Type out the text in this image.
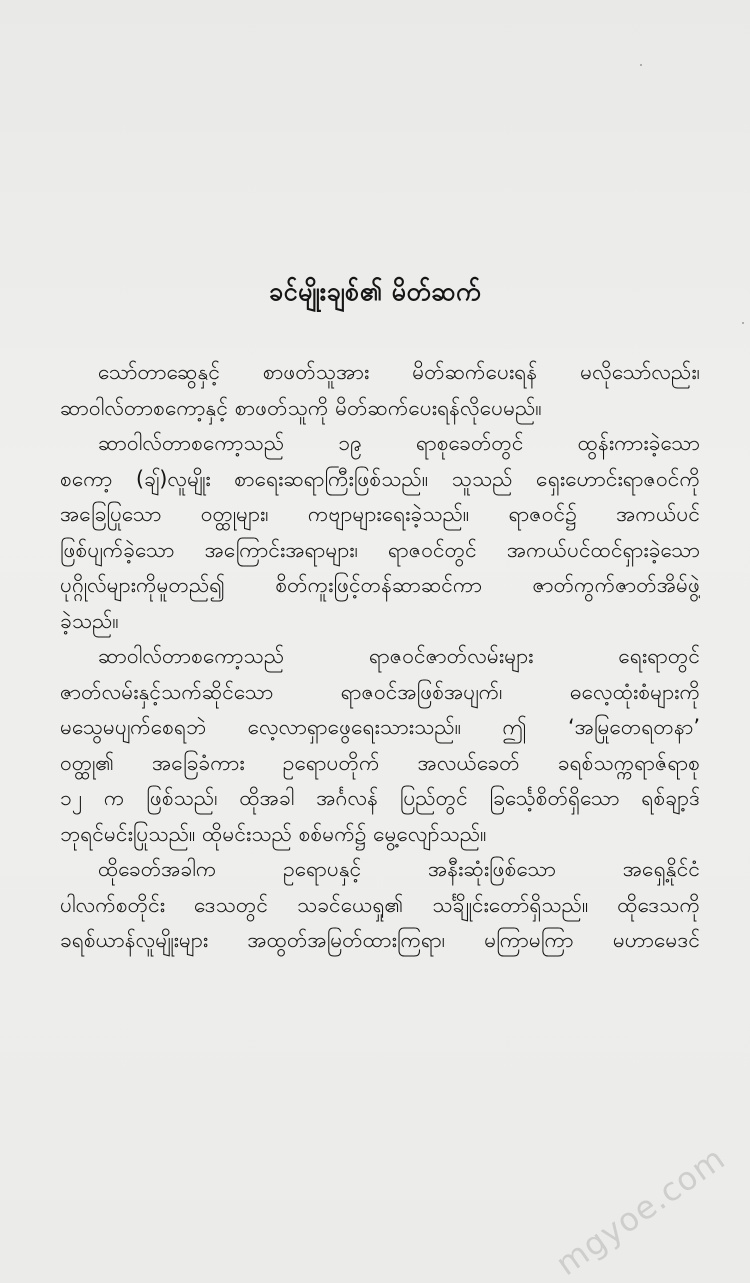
ခင်မျိုးချစ်၏ မိတ်ဆက်
သော်တာဆွေနှင့် စာဖတ်သူအား မိတ်ဆက်ပေးရန် မလိုသော်လည်း၊
ဆာဝါလ်တာစကော့နှင့် စာဖတ်သူကို မိတ်ဆက်ပေးရန်လိုပေမည်။
ဆာဝါလ်တာစကော့သည် ၁၉ ရာစုခေတ်တွင် ထွန်းကားခဲ့သော
စကော့ (ချ်)လူမျိုး စာရေးဆရာကြီးဖြစ်သည်။ သူသည် ရှေးဟောင်းရာဇဝင်ကို
အခြေပြုသော ဝတ္ထုများ၊ ကဗျာများရေးခဲ့သည်။ ရာဇဝင်၌ အကယ်ပင်
ဖြစ်ပျက်ခဲ့သော အကြောင်းအရာများ၊ ရာဇဝင်တွင် အကယ်ပင်ထင်ရှားခဲ့သော
ပုဂ္ဂိုလ်များကိုမူတည်၍ စိတ်ကူးဖြင့်တန်ဆာဆင်ကာ ဇာတ်ကွက်ဇာတ်အိမ်ဖွဲ့
ခဲ့သည်။
ဆာဝါလ်တာစကော့သည် ရာဇဝင်ဇာတ်လမ်းများ ရေးရာတွင်
ဇာတ်လမ်းနှင့်သက်ဆိုင်သော ရာဇဝင်အဖြစ်အပျက်၊ ဓလေ့ထုံးစံများကို
မသွေမပျက်စေရဘဲ လေ့လာရှာဖွေရေးသားသည်။ ဤ ‘အမြုတေရတနာ’
ဝတ္ထု၏ အခြေခံကား ဥရောပတိုက် အလယ်ခေတ် ခရစ်သက္ကရာဇ်ရာစု
၁၂ က ဖြစ်သည်၊ ထိုအခါ အင်္ဂလန် ပြည်တွင် ခြင်္သေ့စိတ်ရှိသော ရစ်ချာ့ဒ်
ဘုရင်မင်းပြုသည်။ ထိုမင်းသည် စစ်မက်၌ မွေ့လျော်သည်။
ထိုခေတ်အခါက ဥရောပနှင့် အနီးဆုံးဖြစ်သော အရှေ့နိုင်ငံ
ပါလက်စတိုင်း ဒေသတွင် သခင်ယေရှု၏ သင်္ချိုင်းတော်ရှိသည်။ ထိုဒေသကို
ခရစ်ယာန်လူမျိုးများ အထွတ်အမြတ်ထားကြရာ၊ မကြာမကြာ မဟာမေဒင်
mgyoe.com
